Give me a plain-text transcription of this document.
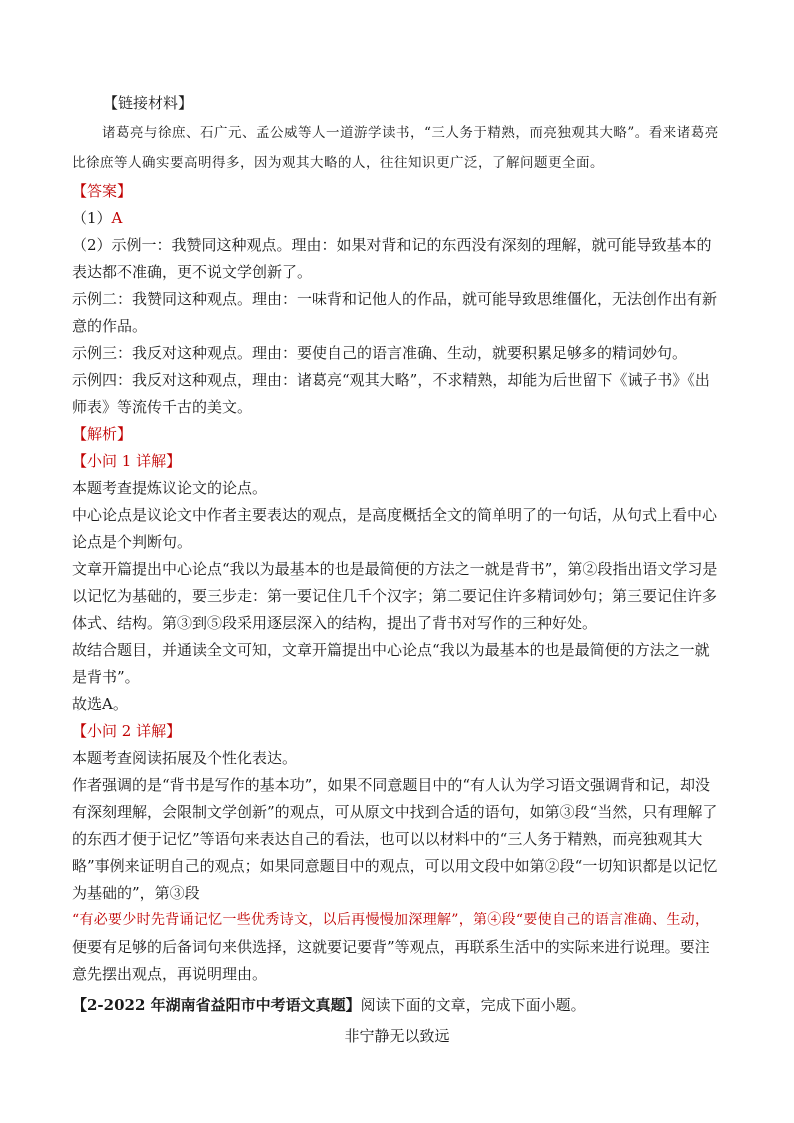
【链接材料】

诸葛亮与徐庶、石广元、孟公威等人一道游学读书，“三人务于精熟，而亮独观其大略”。看来诸葛亮比徐庶等人确实要高明得多，因为观其大略的人，往往知识更广泛，了解问题更全面。

【答案】

（1）A

（2）示例一：我赞同这种观点。理由：如果对背和记的东西没有深刻的理解，就可能导致基本的表达都不准确，更不说文学创新了。

示例二：我赞同这种观点。理由：一味背和记他人的作品，就可能导致思维僵化，无法创作出有新意的作品。

示例三：我反对这种观点。理由：要使自己的语言准确、生动，就要积累足够多的精词妙句。

示例四：我反对这种观点，理由：诸葛亮“观其大略”，不求精熟，却能为后世留下《诫子书》《出师表》等流传千古的美文。

【解析】

【小问 1 详解】

本题考查提炼议论文的论点。

中心论点是议论文中作者主要表达的观点，是高度概括全文的简单明了的一句话，从句式上看中心论点是个判断句。

文章开篇提出中心论点“我以为最基本的也是最简便的方法之一就是背书”，第②段指出语文学习是以记忆为基础的，要三步走：第一要记住几千个汉字；第二要记住许多精词妙句；第三要记住许多体式、结构。第③到⑤段采用逐层深入的结构，提出了背书对写作的三种好处。

故结合题目，并通读全文可知，文章开篇提出中心论点“我以为最基本的也是最简便的方法之一就是背书”。

故选A。

【小问 2 详解】

本题考查阅读拓展及个性化表达。

作者强调的是“背书是写作的基本功”，如果不同意题目中的“有人认为学习语文强调背和记，却没有深刻理解，会限制文学创新”的观点，可从原文中找到合适的语句，如第③段“当然，只有理解了的东西才便于记忆”等语句来表达自己的看法，也可以以材料中的“三人务于精熟，而亮独观其大略”事例来证明自己的观点；如果同意题目中的观点，可以用文段中如第②段“一切知识都是以记忆为基础的”，第③段

“有必要少时先背诵记忆一些优秀诗文，以后再慢慢加深理解”，第④段“要使自己的语言准确、生动，

便要有足够的后备词句来供选择，这就要记要背”等观点，再联系生活中的实际来进行说理。要注意先摆出观点，再说明理由。

【2-2022 年湖南省益阳市中考语文真题】阅读下面的文章，完成下面小题。

非宁静无以致远
